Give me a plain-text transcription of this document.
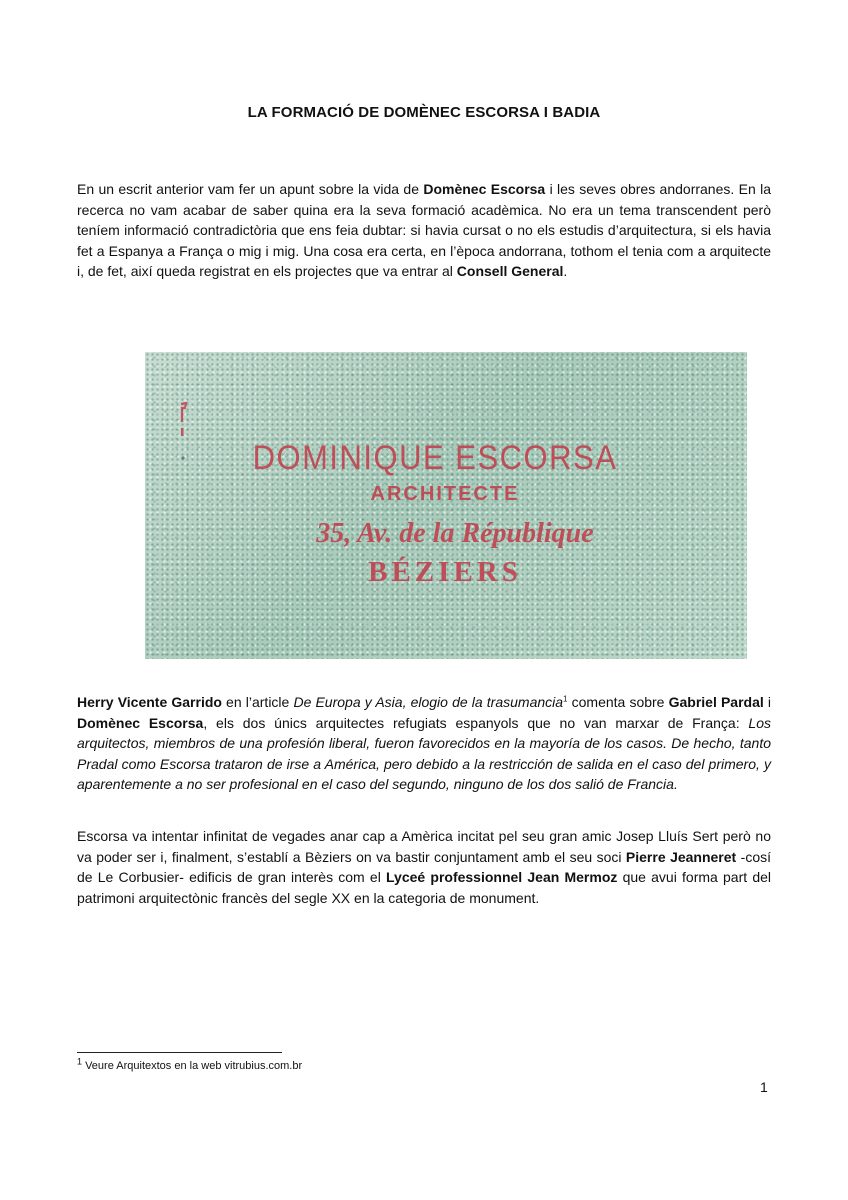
LA FORMACIÓ DE DOMÈNEC ESCORSA I BADIA

En un escrit anterior vam fer un apunt sobre la vida de Domènec Escorsa i les seves obres andorranes. En la recerca no vam acabar de saber quina era la seva formació acadèmica. No era un tema transcendent però teníem informació contradictòria que ens feia dubtar: si havia cursat o no els estudis d’arquitectura, si els havia fet a Espanya a França o mig i mig. Una cosa era certa, en l’època andorrana, tothom el tenia com a arquitecte i, de fet, així queda registrat en els projectes que va entrar al Consell General.

DOMINIQUE ESCORSA
ARCHITECTE
35, Av. de la République
BÉZIERS

Herry Vicente Garrido en l’article De Europa y Asia, elogio de la trasumancia$^1$ comenta sobre Gabriel Pardal i Domènec Escorsa, els dos únics arquitectes refugiats espanyols que no van marxar de França: Los arquitectos, miembros de una profesión liberal, fueron favorecidos en la mayoría de los casos. De hecho, tanto Pradal como Escorsa trataron de irse a América, pero debido a la restricción de salida en el caso del primero, y aparentemente a no ser profesional en el caso del segundo, ninguno de los dos salió de Francia.

Escorsa va intentar infinitat de vegades anar cap a Amèrica incitat pel seu gran amic Josep Lluís Sert però no va poder ser i, finalment, s’establí a Bèziers on va bastir conjuntament amb el seu soci Pierre Jeanneret -cosí de Le Corbusier- edificis de gran interès com el Lyceé professionnel Jean Mermoz que avui forma part del patrimoni arquitectònic francès del segle XX en la categoria de monument.

$^1$ Veure Arquitextos en la web vitrubius.com.br
1
